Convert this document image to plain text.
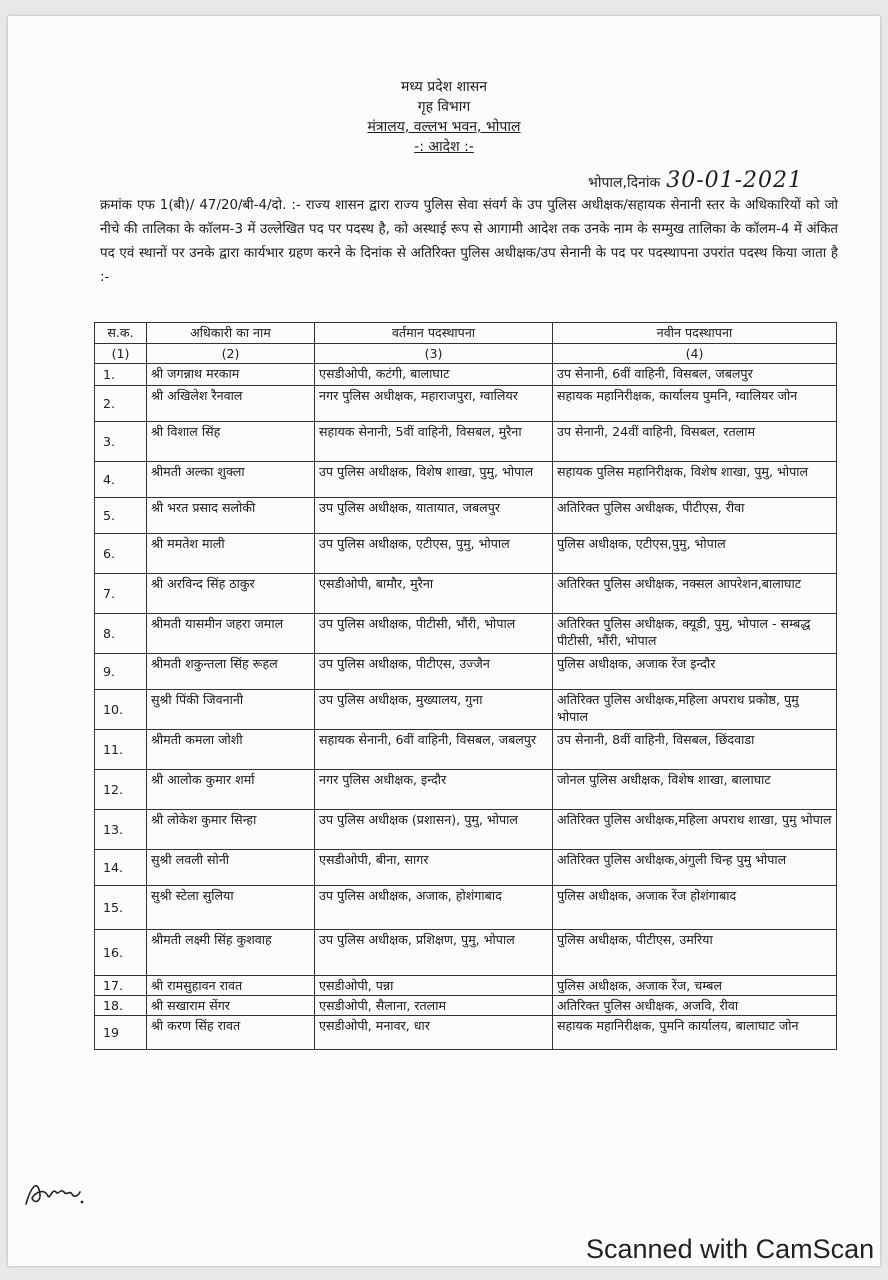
मध्य प्रदेश शासन
गृह विभाग
मंत्रालय, वल्लभ भवन, भोपाल
-: आदेश :-
भोपाल,दिनांक 30-01-2021
क्रमांक एफ 1(बी)/ 47/20/बी-4/दो. :- राज्य शासन द्वारा राज्य पुलिस सेवा संवर्ग के उप पुलिस अधीक्षक/सहायक सेनानी स्तर के अधिकारियों को जो नीचे की तालिका के कॉलम-3 में उल्लेखित पद पर पदस्थ है, को अस्थाई रूप से आगामी आदेश तक उनके नाम के सम्मुख तालिका के कॉलम-4 में अंकित पद एवं स्थानों पर उनके द्वारा कार्यभार ग्रहण करने के दिनांक से अतिरिक्त पुलिस अधीक्षक/उप सेनानी के पद पर पदस्थापना उपरांत पदस्थ किया जाता है :-
स.क.	अधिकारी का नाम	वर्तमान पदस्थापना	नवीन पदस्थापना
(1)	(2)	(3)	(4)
1.	श्री जगन्नाथ मरकाम	एसडीओपी, कटंगी, बालाघाट	उप सेनानी, 6वीं वाहिनी, विसबल, जबलपुर
2.	श्री अखिलेश रैनवाल	नगर पुलिस अधीक्षक, महाराजपुरा, ग्वालियर	सहायक महानिरीक्षक, कार्यालय पुमनि, ग्वालियर जोन
3.	श्री विशाल सिंह	सहायक सेनानी, 5वीं वाहिनी, विसबल, मुरैना	उप सेनानी, 24वीं वाहिनी, विसबल, रतलाम
4.	श्रीमती अल्का शुक्ला	उप पुलिस अधीक्षक, विशेष शाखा, पुमु, भोपाल	सहायक पुलिस महानिरीक्षक, विशेष शाखा, पुमु, भोपाल
5.	श्री भरत प्रसाद सलोकी	उप पुलिस अधीक्षक, यातायात, जबलपुर	अतिरिक्त पुलिस अधीक्षक, पीटीएस, रीवा
6.	श्री ममतेश माली	उप पुलिस अधीक्षक, एटीएस, पुमु, भोपाल	पुलिस अधीक्षक, एटीएस,पुमु, भोपाल
7.	श्री अरविन्द सिंह ठाकुर	एसडीओपी, बामौर, मुरैना	अतिरिक्त पुलिस अधीक्षक, नक्सल आपरेशन,बालाघाट
8.	श्रीमती यासमीन जहरा जमाल	उप पुलिस अधीक्षक, पीटीसी, भौंरी, भोपाल	अतिरिक्त पुलिस अधीक्षक, क्यूडी, पुमु, भोपाल - सम्बद्ध पीटीसी, भौंरी, भोपाल
9.	श्रीमती शकुन्तला सिंह रूहल	उप पुलिस अधीक्षक, पीटीएस, उज्जैन	पुलिस अधीक्षक, अजाक रेंज इन्दौर
10.	सुश्री पिंकी जिवनानी	उप पुलिस अधीक्षक, मुख्यालय, गुना	अतिरिक्त पुलिस अधीक्षक,महिला अपराध प्रकोष्ठ, पुमु भोपाल
11.	श्रीमती कमला जोशी	सहायक सेनानी, 6वीं वाहिनी, विसबल, जबलपुर	उप सेनानी, 8वीं वाहिनी, विसबल, छिंदवाडा
12.	श्री आलोक कुमार शर्मा	नगर पुलिस अधीक्षक, इन्दौर	जोनल पुलिस अधीक्षक, विशेष शाखा, बालाघाट
13.	श्री लोकेश कुमार सिन्हा	उप पुलिस अधीक्षक (प्रशासन), पुमु, भोपाल	अतिरिक्त पुलिस अधीक्षक,महिला अपराध शाखा, पुमु भोपाल
14.	सुश्री लवली सोनी	एसडीओपी, बीना, सागर	अतिरिक्त पुलिस अधीक्षक,अंगुली चिन्ह पुमु भोपाल
15.	सुश्री स्टेला सुलिया	उप पुलिस अधीक्षक, अजाक, होशंगाबाद	पुलिस अधीक्षक, अजाक रेंज होशंगाबाद
16.	श्रीमती लक्ष्मी सिंह कुशवाह	उप पुलिस अधीक्षक, प्रशिक्षण, पुमु, भोपाल	पुलिस अधीक्षक, पीटीएस, उमरिया
17.	श्री रामसुहावन रावत	एसडीओपी, पन्ना	पुलिस अधीक्षक, अजाक रेंज, चम्बल
18.	श्री सखाराम सेंगर	एसडीओपी, सैलाना, रतलाम	अतिरिक्त पुलिस अधीक्षक, अजवि, रीवा
19	श्री करण सिंह रावत	एसडीओपी, मनावर, धार	सहायक महानिरीक्षक, पुमनि कार्यालय, बालाघाट जोन
Scanned with CamScan
